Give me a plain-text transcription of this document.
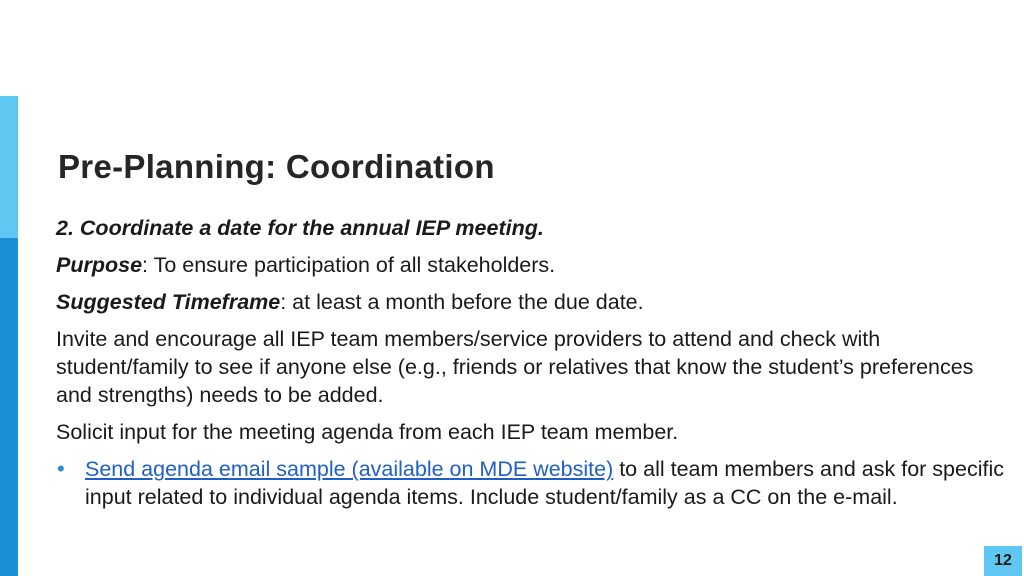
Pre-Planning: Coordination

2. Coordinate a date for the annual IEP meeting.

Purpose: To ensure participation of all stakeholders.

Suggested Timeframe: at least a month before the due date.

Invite and encourage all IEP team members/service providers to attend and check with student/family to see if anyone else (e.g., friends or relatives that know the student’s preferences and strengths) needs to be added.

Solicit input for the meeting agenda from each IEP team member.

• Send agenda email sample (available on MDE website) to all team members and ask for specific input related to individual agenda items. Include student/family as a CC on the e-mail.
12
